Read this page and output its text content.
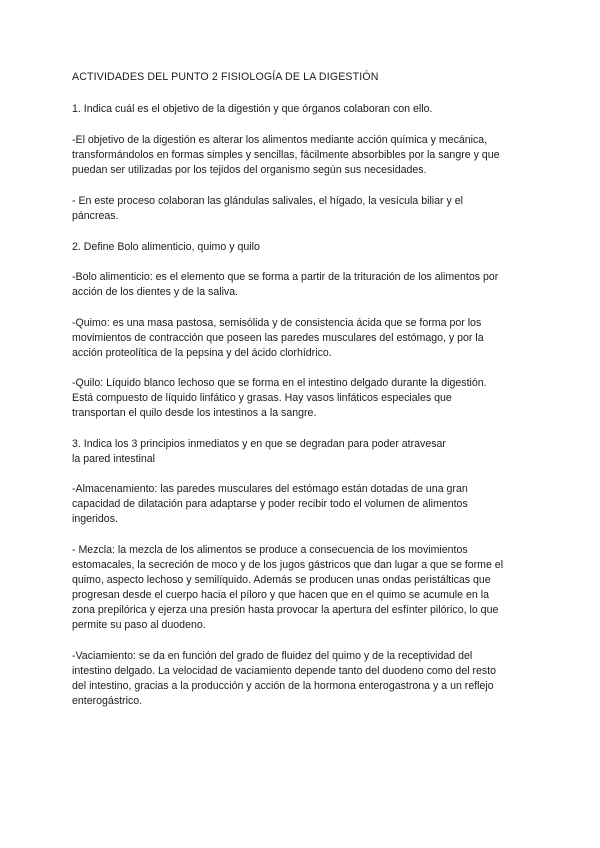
ACTIVIDADES DEL PUNTO 2 FISIOLOGÍA DE LA DIGESTIÓN
1. Indica cuál es el objetivo de la digestión y que órganos colaboran con ello.
-El objetivo de la digestión es alterar los alimentos mediante acción química y mecánica,
transformándolos en formas simples y sencillas, fácilmente absorbibles por la sangre y que
puedan ser utilizadas por los tejidos del organismo según sus necesidades.
- En este proceso colaboran las glándulas salivales, el hígado, la vesícula biliar y el
páncreas.
2. Define Bolo alimenticio, quimo y quilo
-Bolo alimenticio: es el elemento que se forma a partir de la trituración de los alimentos por
acción de los dientes y de la saliva.
-Quimo: es una masa pastosa, semisólida y de consistencia ácida que se forma por los
movimientos de contracción que poseen las paredes musculares del estómago, y por la
acción proteolítica de la pepsina y del ácido clorhídrico.
-Quilo: Líquido blanco lechoso que se forma en el intestino delgado durante la digestión.
Está compuesto de líquido linfático y grasas. Hay vasos linfáticos especiales que
transportan el quilo desde los intestinos a la sangre.
3. Indica los 3 principios inmediatos y en que se degradan para poder atravesar
la pared intestinal
-Almacenamiento: las paredes musculares del estómago están dotadas de una gran
capacidad de dilatación para adaptarse y poder recibir todo el volumen de alimentos
ingeridos.
- Mezcla: la mezcla de los alimentos se produce a consecuencia de los movimientos
estomacales, la secreción de moco y de los jugos gástricos que dan lugar a que se forme el
quimo, aspecto lechoso y semilíquido. Además se producen unas ondas peristálticas que
progresan desde el cuerpo hacia el píloro y que hacen que en el quimo se acumule en la
zona prepilórica y ejerza una presión hasta provocar la apertura del esfínter pilórico, lo que
permite su paso al duodeno.
-Vaciamiento: se da en función del grado de fluidez del quimo y de la receptividad del
intestino delgado. La velocidad de vaciamiento depende tanto del duodeno como del resto
del intestino, gracias a la producción y acción de la hormona enterogastrona y a un reflejo
enterogástrico.
